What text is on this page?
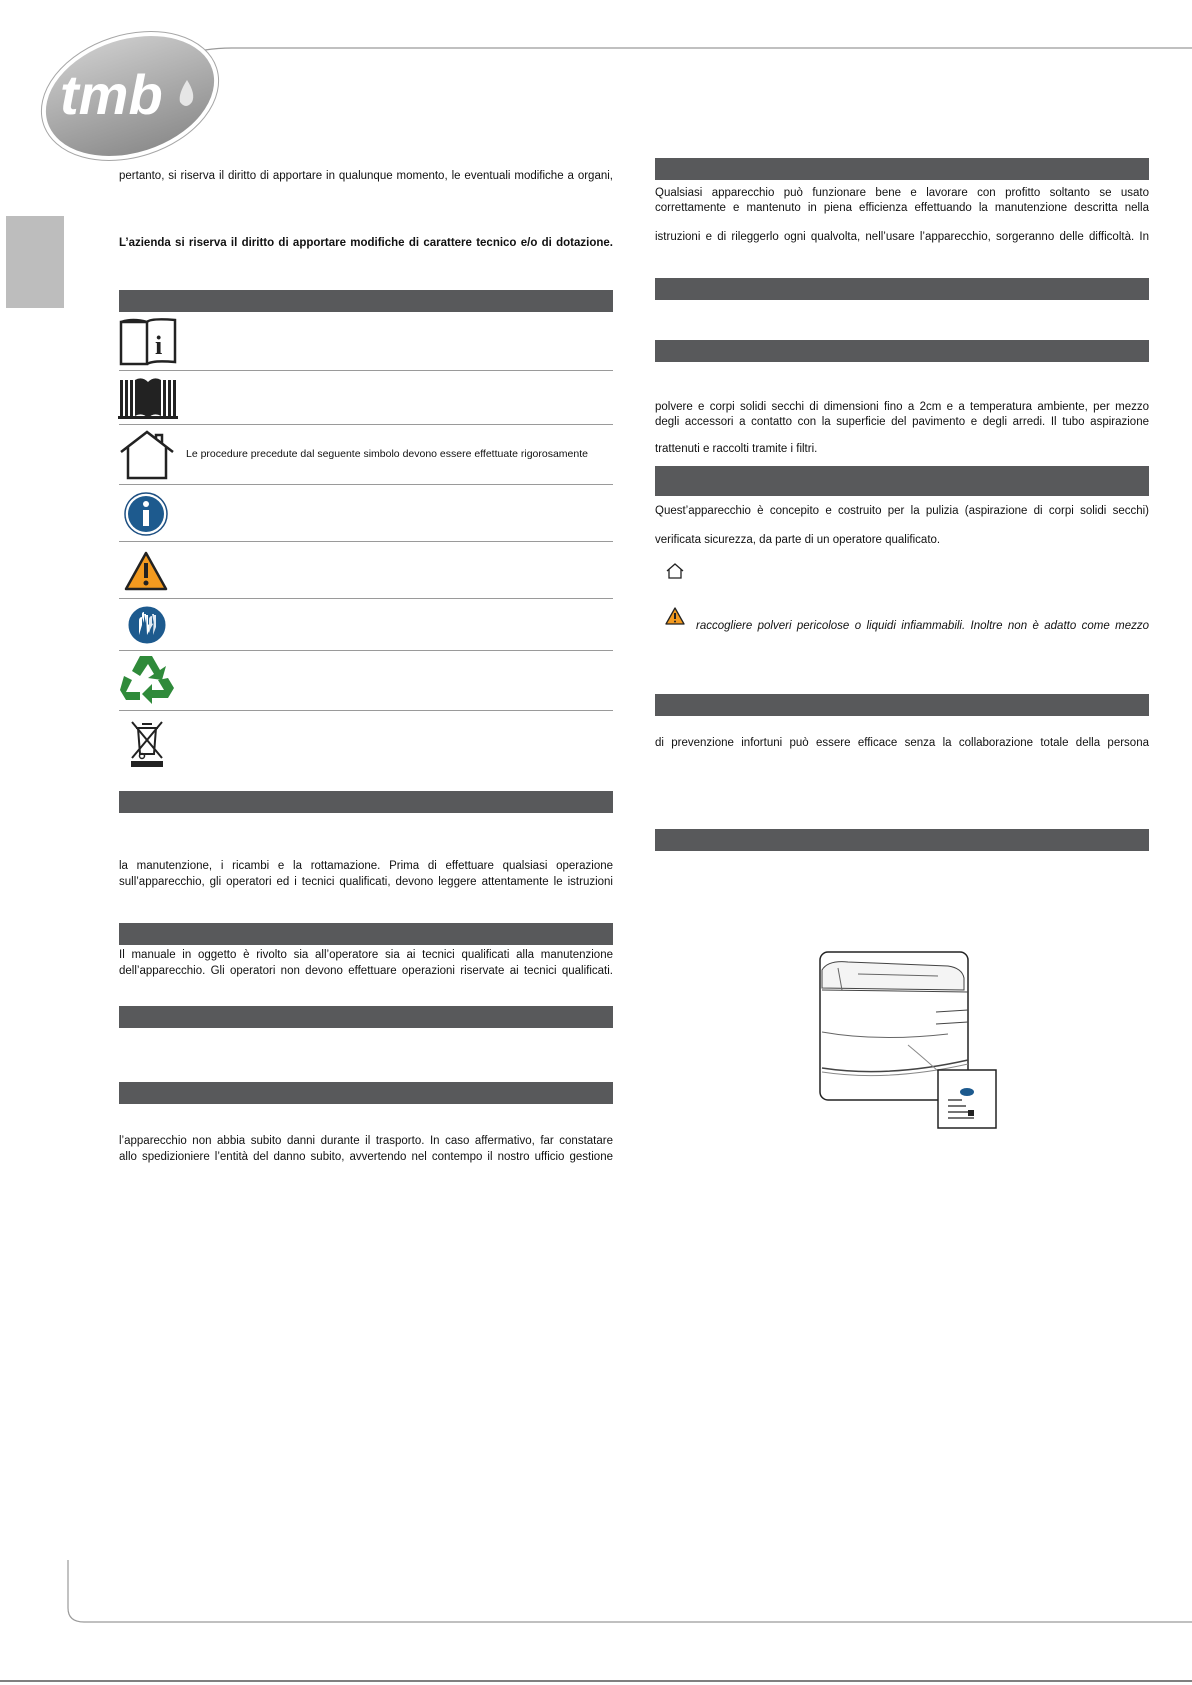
tmb
pertanto, si riserva il diritto di apportare in qualunque momento, le eventuali modifiche a organi,
L’azienda si riserva il diritto di apportare modifiche di carattere tecnico e/o di dotazione.
i
Le procedure precedute dal seguente simbolo devono essere effettuate rigorosamente
la manutenzione, i ricambi e la rottamazione. Prima di effettuare qualsiasi operazione
sull’apparecchio, gli operatori ed i tecnici qualificati, devono leggere attentamente le istruzioni
Il manuale in oggetto è rivolto sia all’operatore sia ai tecnici qualificati alla manutenzione
dell’apparecchio. Gli operatori non devono effettuare operazioni riservate ai tecnici qualificati.
l’apparecchio non abbia subito danni durante il trasporto. In caso affermativo, far constatare
allo spedizioniere l’entità del danno subito, avvertendo nel contempo il nostro ufficio gestione
Qualsiasi apparecchio può funzionare bene e lavorare con profitto soltanto se usato
correttamente e mantenuto in piena efficienza effettuando la manutenzione descritta nella
istruzioni e di rileggerlo ogni qualvolta, nell’usare l’apparecchio, sorgeranno delle difficoltà. In
polvere e corpi solidi secchi di dimensioni fino a 2cm e a temperatura ambiente, per mezzo
degli accessori a contatto con la superficie del pavimento e degli arredi. Il tubo aspirazione
trattenuti e raccolti tramite i filtri.
Quest’apparecchio è concepito e costruito per la pulizia (aspirazione di corpi solidi secchi)
verificata sicurezza, da parte di un operatore qualificato.
raccogliere polveri pericolose o liquidi infiammabili. Inoltre non è adatto come mezzo
di prevenzione infortuni può essere efficace senza la collaborazione totale della persona
